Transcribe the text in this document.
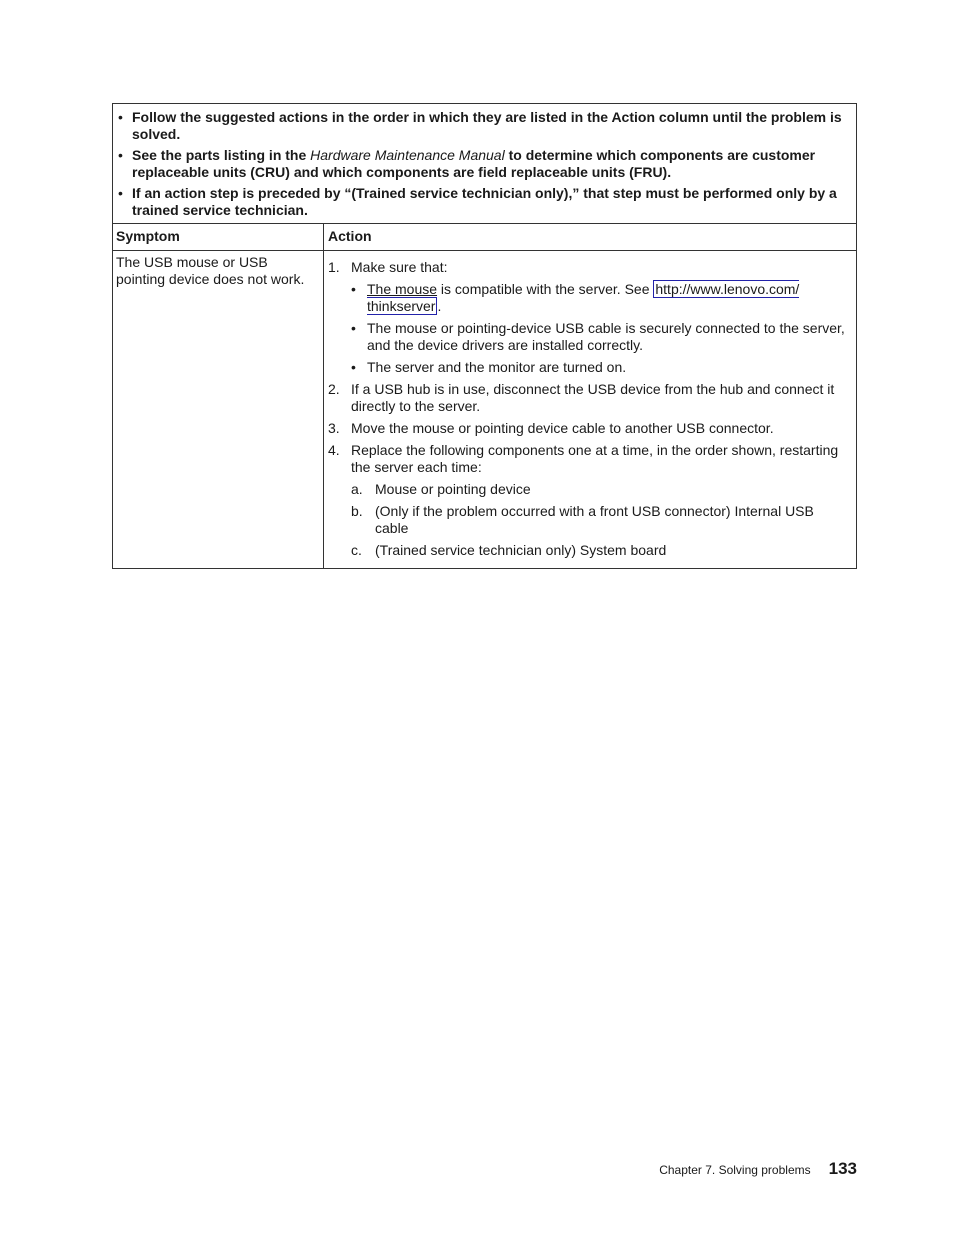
• Follow the suggested actions in the order in which they are listed in the Action column until the problem is solved.
• See the parts listing in the Hardware Maintenance Manual to determine which components are customer replaceable units (CRU) and which components are field replaceable units (FRU).
• If an action step is preceded by “(Trained service technician only),” that step must be performed only by a trained service technician.
Symptom	Action
The USB mouse or USB pointing device does not work.
1. Make sure that:
• The mouse is compatible with the server. See http://www.lenovo.com/
thinkserver .
• The mouse or pointing-device USB cable is securely connected to the server, and the device drivers are installed correctly.
• The server and the monitor are turned on.
2. If a USB hub is in use, disconnect the USB device from the hub and connect it directly to the server.
3. Move the mouse or pointing device cable to another USB connector.
4. Replace the following components one at a time, in the order shown, restarting the server each time:
a. Mouse or pointing device
b. (Only if the problem occurred with a front USB connector) Internal USB cable
c. (Trained service technician only) System board
Chapter 7. Solving problems 133
